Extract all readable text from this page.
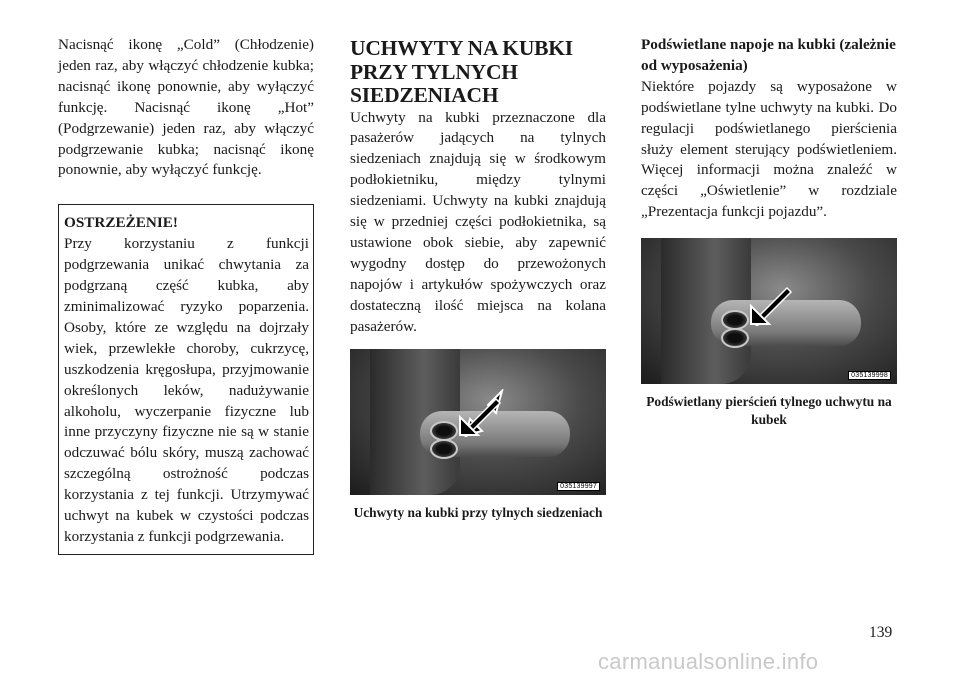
Nacisnąć ikonę „Cold” (Chłodzenie) jeden raz, aby włączyć chłodzenie kubka; nacisnąć ikonę ponownie, aby wyłączyć funkcję. Nacisnąć ikonę „Hot” (Podgrzewanie) jeden raz, aby włączyć podgrzewanie kubka; nacisnąć ikonę ponownie, aby wyłączyć funkcję.

OSTRZEŻENIE!

Przy korzystaniu z funkcji podgrzewania unikać chwytania za podgrzaną część kubka, aby zminimalizować ryzyko poparzenia. Osoby, które ze względu na dojrzały wiek, przewlekłe choroby, cukrzycę, uszkodzenia kręgosłupa, przyjmowanie określonych leków, nadużywanie alkoholu, wyczerpanie fizyczne lub inne przyczyny fizyczne nie są w stanie odczuwać bólu skóry, muszą zachować szczególną ostrożność podczas korzystania z tej funkcji. Utrzymywać uchwyt na kubek w czystości podczas korzystania z funkcji podgrzewania.

UCHWYTY NA KUBKI PRZY TYLNYCH SIEDZENIACH

Uchwyty na kubki przeznaczone dla pasażerów jadących na tylnych siedzeniach znajdują się w środkowym podłokietniku, między tylnymi siedzeniami. Uchwyty na kubki znajdują się w przedniej części podłokietnika, są ustawione obok siebie, aby zapewnić wygodny dostęp do przewożonych napojów i artykułów spożywczych oraz dostateczną ilość miejsca na kolana pasażerów.

035139997

Uchwyty na kubki przy tylnych siedzeniach

Podświetlane napoje na kubki (zależnie od wyposażenia)

Niektóre pojazdy są wyposażone w podświetlane tylne uchwyty na kubki. Do regulacji podświetlanego pierścienia służy element sterujący podświetleniem. Więcej informacji można znaleźć w części „Oświetlenie” w rozdziale „Prezentacja funkcji pojazdu”.

035139998

Podświetlany pierścień tylnego uchwytu na kubek

139
carmanualsonline.info
